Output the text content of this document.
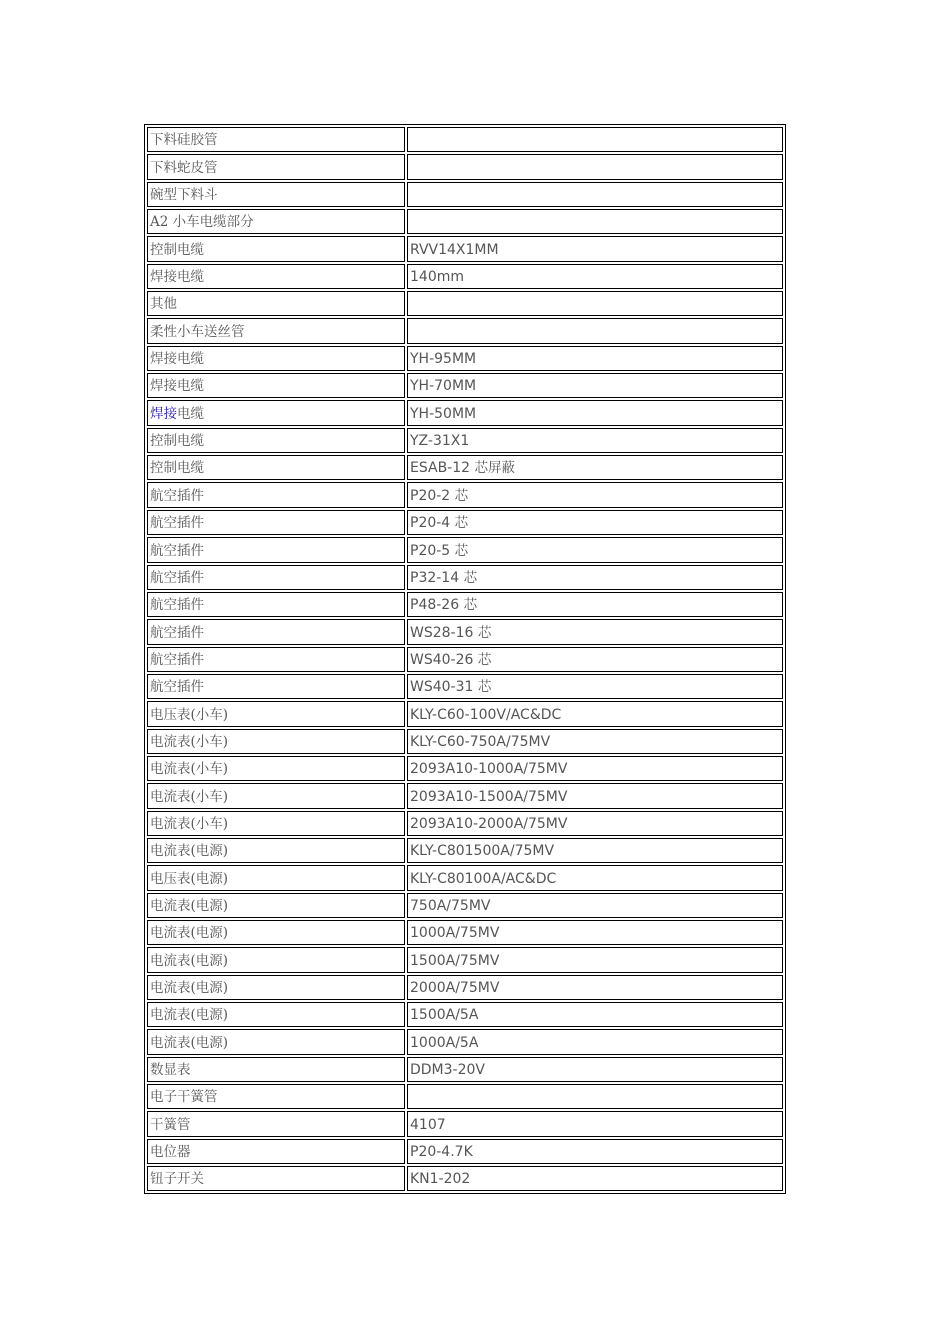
下料硅胶管	
下料蛇皮管	
碗型下料斗	
A2 小车电缆部分	
控制电缆	RVV14X1MM
焊接电缆	140mm
其他	
柔性小车送丝管	
焊接电缆	YH-95MM
焊接电缆	YH-70MM
焊接电缆	YH-50MM
控制电缆	YZ-31X1
控制电缆	ESAB-12 芯屏蔽
航空插件	P20-2 芯
航空插件	P20-4 芯
航空插件	P20-5 芯
航空插件	P32-14 芯
航空插件	P48-26 芯
航空插件	WS28-16 芯
航空插件	WS40-26 芯
航空插件	WS40-31 芯
电压表(小车)	KLY-C60-100V/AC&DC
电流表(小车)	KLY-C60-750A/75MV
电流表(小车)	2093A10-1000A/75MV
电流表(小车)	2093A10-1500A/75MV
电流表(小车)	2093A10-2000A/75MV
电流表(电源)	KLY-C801500A/75MV
电压表(电源)	KLY-C80100A/AC&DC
电流表(电源)	750A/75MV
电流表(电源)	1000A/75MV
电流表(电源)	1500A/75MV
电流表(电源)	2000A/75MV
电流表(电源)	1500A/5A
电流表(电源)	1000A/5A
数显表	DDM3-20V
电子干簧管	
干簧管	4107
电位器	P20-4.7K
钮子开关	KN1-202
